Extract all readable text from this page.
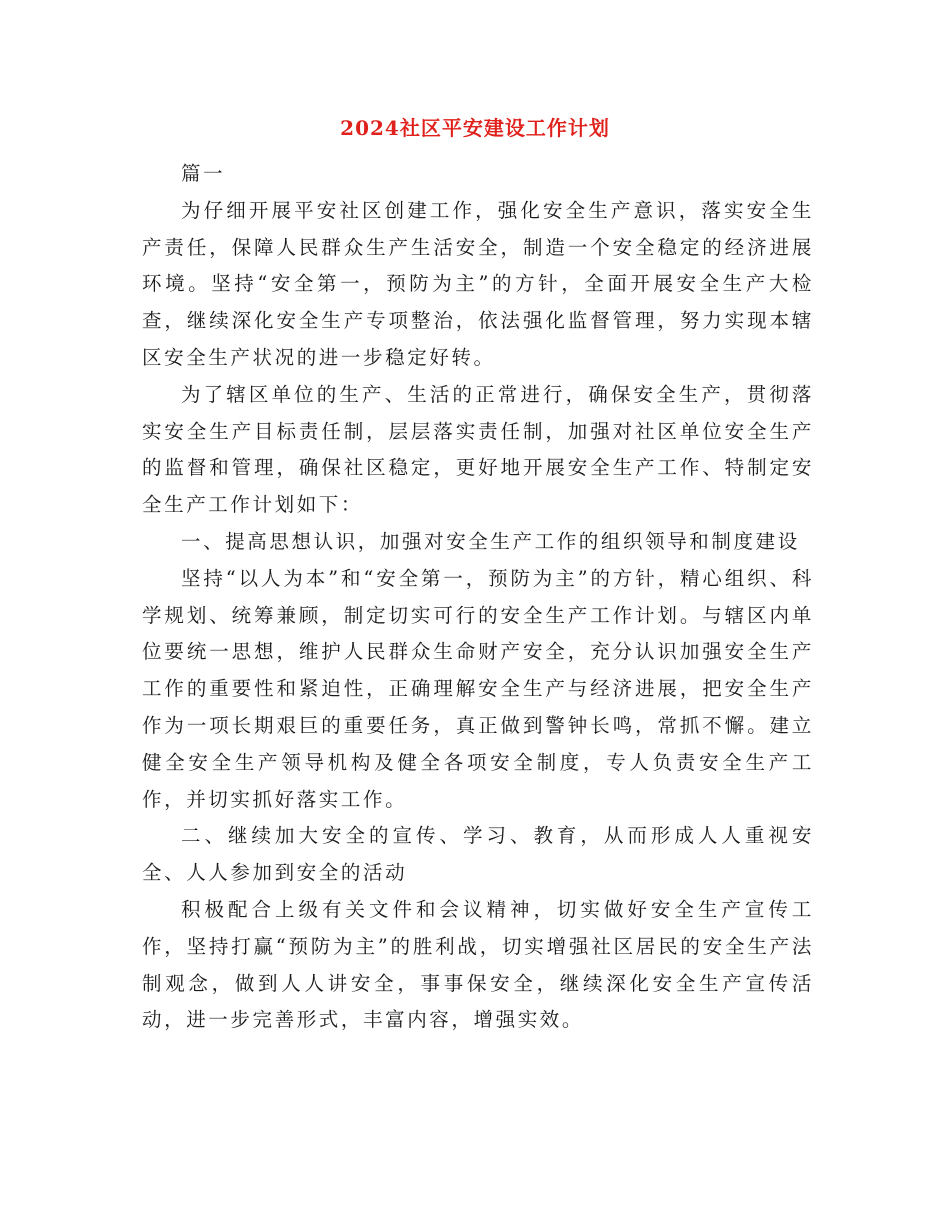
2024社区平安建设工作计划

篇一

为仔细开展平安社区创建工作，强化安全生产意识，落实安全生产责任，保障人民群众生产生活安全，制造一个安全稳定的经济进展环境。坚持“安全第一，预防为主”的方针，全面开展安全生产大检查，继续深化安全生产专项整治，依法强化监督管理，努力实现本辖区安全生产状况的进一步稳定好转。

为了辖区单位的生产、生活的正常进行，确保安全生产，贯彻落实安全生产目标责任制，层层落实责任制，加强对社区单位安全生产的监督和管理，确保社区稳定，更好地开展安全生产工作、特制定安全生产工作计划如下：

一、提高思想认识，加强对安全生产工作的组织领导和制度建设

坚持“以人为本”和“安全第一，预防为主”的方针，精心组织、科学规划、统筹兼顾，制定切实可行的安全生产工作计划。与辖区内单位要统一思想，维护人民群众生命财产安全，充分认识加强安全生产工作的重要性和紧迫性，正确理解安全生产与经济进展，把安全生产作为一项长期艰巨的重要任务，真正做到警钟长鸣，常抓不懈。建立健全安全生产领导机构及健全各项安全制度，专人负责安全生产工作，并切实抓好落实工作。

二、继续加大安全的宣传、学习、教育，从而形成人人重视安全、人人参加到安全的活动

积极配合上级有关文件和会议精神，切实做好安全生产宣传工作，坚持打赢“预防为主”的胜利战，切实增强社区居民的安全生产法制观念，做到人人讲安全，事事保安全，继续深化安全生产宣传活动，进一步完善形式，丰富内容，增强实效。
